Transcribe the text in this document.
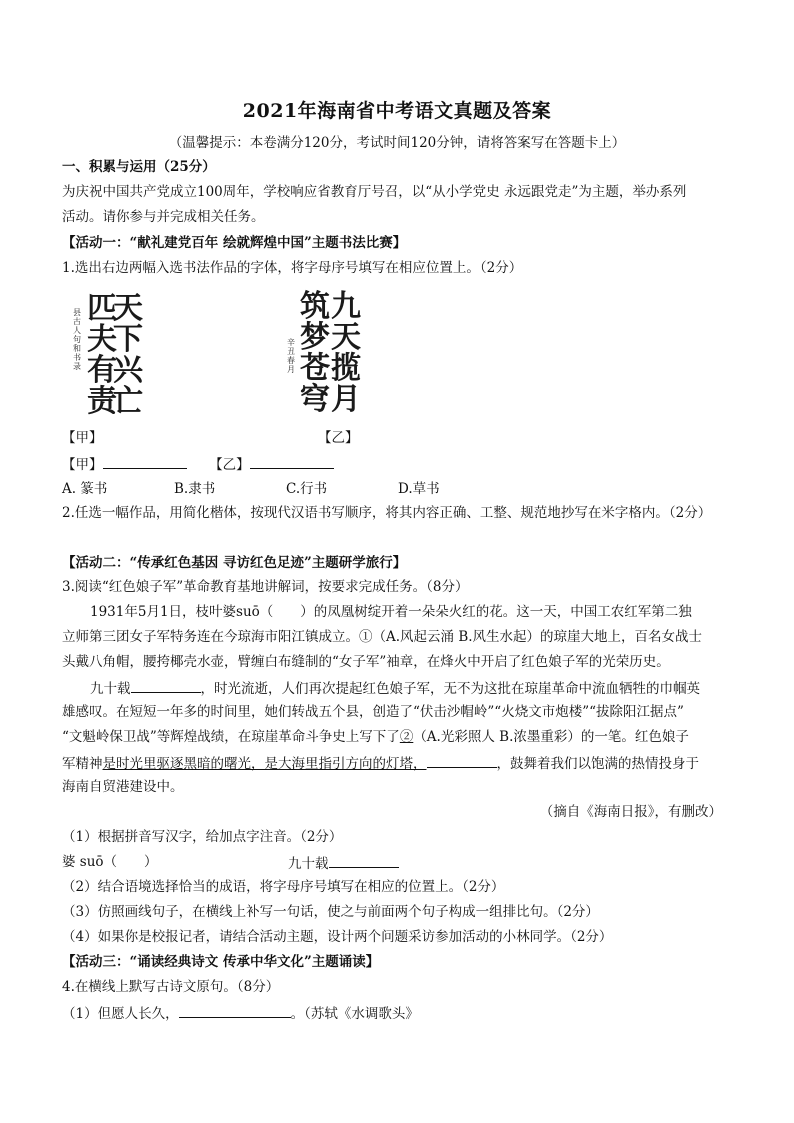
2021年海南省中考语文真题及答案
（温馨提示：本卷满分120分，考试时间120分钟，请将答案写在答题卡上）
一、积累与运用（25分）
为庆祝中国共产党成立100周年，学校响应省教育厅号召，以“从小学党史 永远跟党走”为主题，举办系列
活动。请你参与并完成相关任务。
【活动一：“献礼建党百年 绘就辉煌中国”主题书法比赛】
1.选出右边两幅入选书法作品的字体，将字母序号填写在相应位置上。（2分）
天
下
兴
亡
匹
夫
有
责
县
古
人
句
和
书
录
九
天
揽
月
筑
梦
苍
穹
辛
丑
春
月
【甲】	【乙】
【甲】	【乙】
A. 篆书	B.隶书	C.行书	D.草书
2.任选一幅作品，用简化楷体，按现代汉语书写顺序，将其内容正确、工整、规范地抄写在米字格内。（2分）
【活动二：“传承红色基因 寻访红色足迹”主题研学旅行】
3.阅读“红色娘子军”革命教育基地讲解词，按要求完成任务。（8分）
1931年5月1日，枝叶婆suō（　　）的凤凰树绽开着一朵朵火红的花。这一天，中国工农红军第二独
立师第三团女子军特务连在今琼海市阳江镇成立。①（A.风起云涌 B.风生水起）的琼崖大地上，百名女战士
头戴八角帽，腰挎椰壳水壶，臂缠白布缝制的“女子军”袖章，在烽火中开启了红色娘子军的光荣历史。
九十载	，时光流逝，人们再次提起红色娘子军，无不为这批在琼崖革命中流血牺牲的巾帼英
雄感叹。在短短一年多的时间里，她们转战五个县，创造了“伏击沙帽岭”“火烧文市炮楼”“拔除阳江据点”
“文魁岭保卫战”等辉煌战绩，在琼崖革命斗争史上写下了②（A.光彩照人 B.浓墨重彩）的一笔。红色娘子
军精神是时光里驱逐黑暗的曙光，是大海里指引方向的灯塔，	，鼓舞着我们以饱满的热情投身于
海南自贸港建设中。
（摘自《海南日报》，有删改）
（1）根据拼音写汉字，给加点字注音。（2分）
婆 suō（　　）	九十载
（2）结合语境选择恰当的成语，将字母序号填写在相应的位置上。（2分）
（3）仿照画线句子，在横线上补写一句话，使之与前面两个句子构成一组排比句。（2分）
（4）如果你是校报记者，请结合活动主题，设计两个问题采访参加活动的小林同学。（2分）
【活动三：“诵读经典诗文 传承中华文化”主题诵读】
4.在横线上默写古诗文原句。（8分）
（1）但愿人长久，	。（苏轼《水调歌头》
